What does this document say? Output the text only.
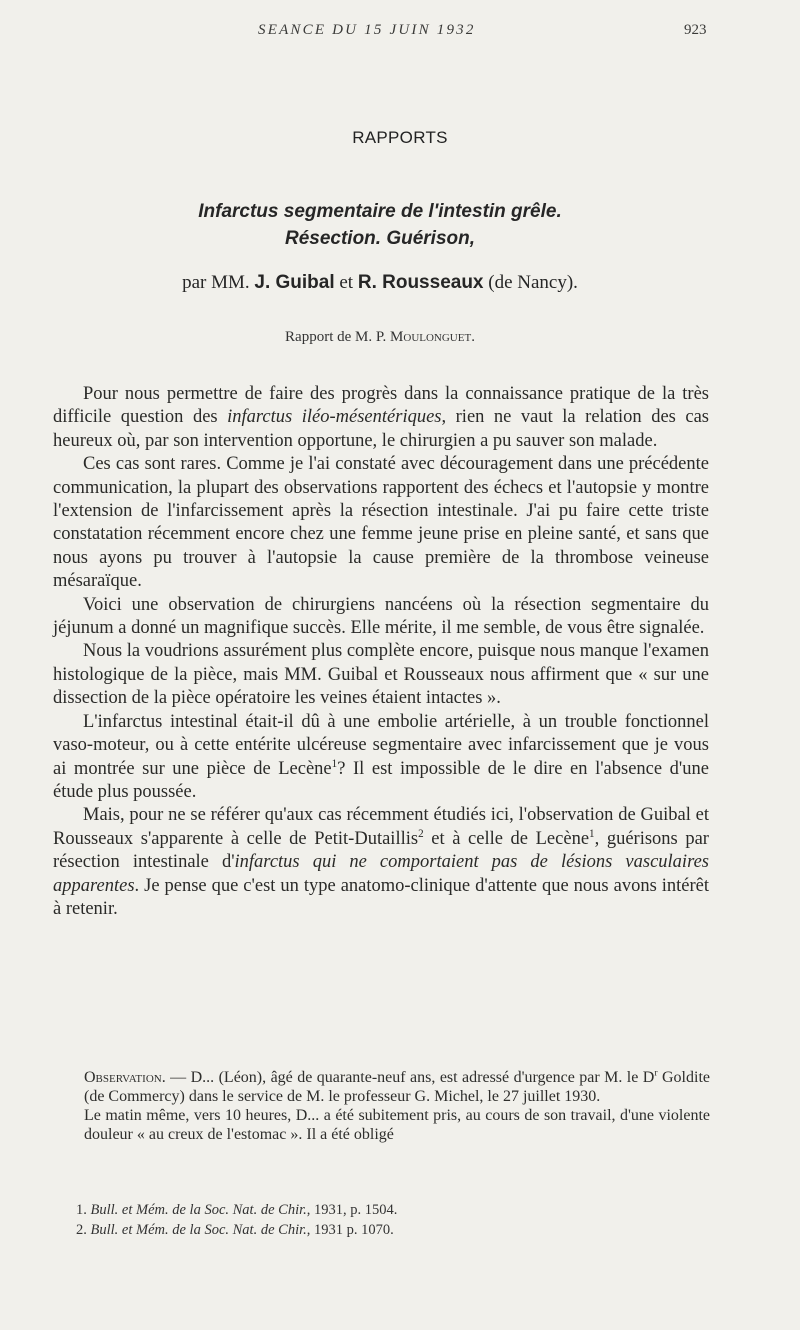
SEANCE DU 15 JUIN 1932	923
RAPPORTS
Infarctus segmentaire de l'intestin grêle.
Résection. Guérison,
par MM. J. Guibal et R. Rousseaux (de Nancy).
Rapport de M. P. Moulonguet.

Pour nous permettre de faire des progrès dans la connaissance pratique de la très difficile question des infarctus iléo-mésentériques, rien ne vaut la relation des cas heureux où, par son intervention opportune, le chirurgien a pu sauver son malade.

Ces cas sont rares. Comme je l'ai constaté avec découragement dans une précédente communication, la plupart des observations rapportent des échecs et l'autopsie y montre l'extension de l'infarcissement après la résection intestinale. J'ai pu faire cette triste constatation récemment encore chez une femme jeune prise en pleine santé, et sans que nous ayons pu trouver à l'autopsie la cause première de la thrombose veineuse mésaraïque.

Voici une observation de chirurgiens nancéens où la résection segmentaire du jéjunum a donné un magnifique succès. Elle mérite, il me semble, de vous être signalée.

Nous la voudrions assurément plus complète encore, puisque nous manque l'examen histologique de la pièce, mais MM. Guibal et Rousseaux nous affirment que « sur une dissection de la pièce opératoire les veines étaient intactes ».

L'infarctus intestinal était-il dû à une embolie artérielle, à un trouble fonctionnel vaso-moteur, ou à cette entérite ulcéreuse segmentaire avec infarcissement que je vous ai montrée sur une pièce de Lecène$^1$? Il est impossible de le dire en l'absence d'une étude plus poussée.

Mais, pour ne se référer qu'aux cas récemment étudiés ici, l'observation de Guibal et Rousseaux s'apparente à celle de Petit-Dutaillis$^2$ et à celle de Lecène$^1$, guérisons par résection intestinale d'infarctus qui ne comportaient pas de lésions vasculaires apparentes. Je pense que c'est un type anatomo-clinique d'attente que nous avons intérêt à retenir.

Observation. — D... (Léon), âgé de quarante-neuf ans, est adressé d'urgence par M. le $D^r$ Goldite (de Commercy) dans le service de M. le professeur G. Michel, le 27 juillet 1930.

Le matin même, vers 10 heures, D... a été subitement pris, au cours de son travail, d'une violente douleur « au creux de l'estomac ». Il a été obligé

1. Bull. et Mém. de la Soc. Nat. de Chir., 1931, p. 1504.
2. Bull. et Mém. de la Soc. Nat. de Chir., 1931 p. 1070.
